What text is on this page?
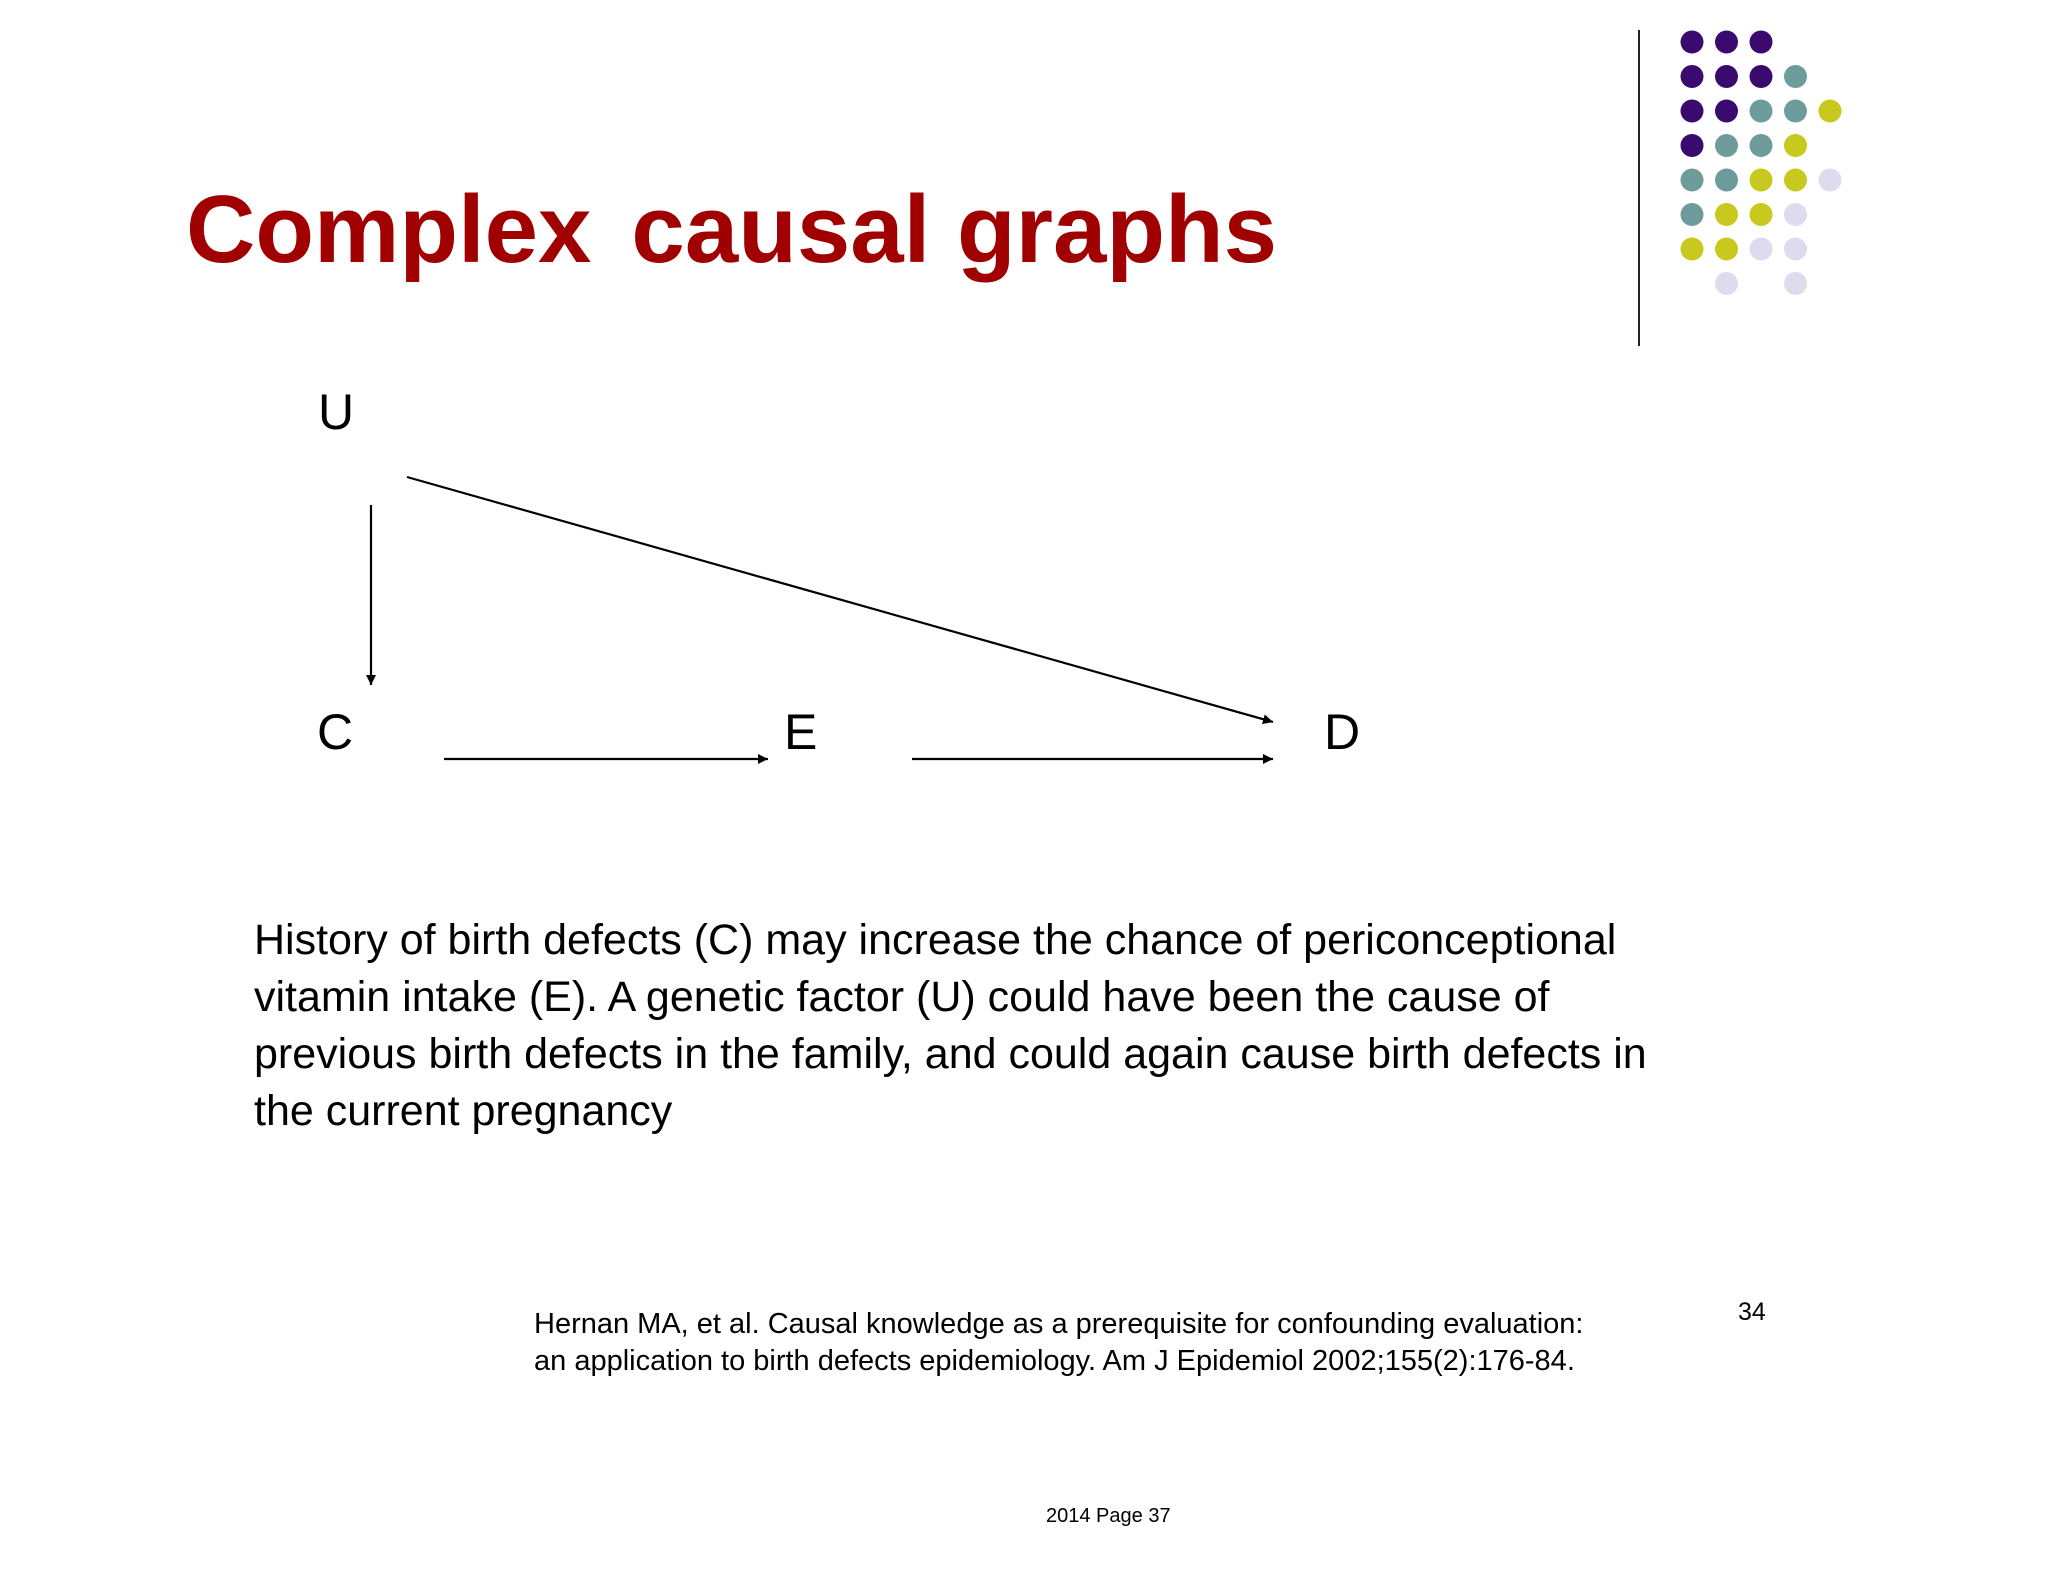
Complex causal graphs
U
C	E	D
History of birth defects (C) may increase the chance of periconceptional vitamin intake (E). A genetic factor (U) could have been the cause of previous birth defects in the family, and could again cause birth defects in the current pregnancy
Hernan MA, et al. Causal knowledge as a prerequisite for confounding evaluation:
an application to birth defects epidemiology. Am J Epidemiol 2002;155(2):176-84.
34
2014 Page 37
